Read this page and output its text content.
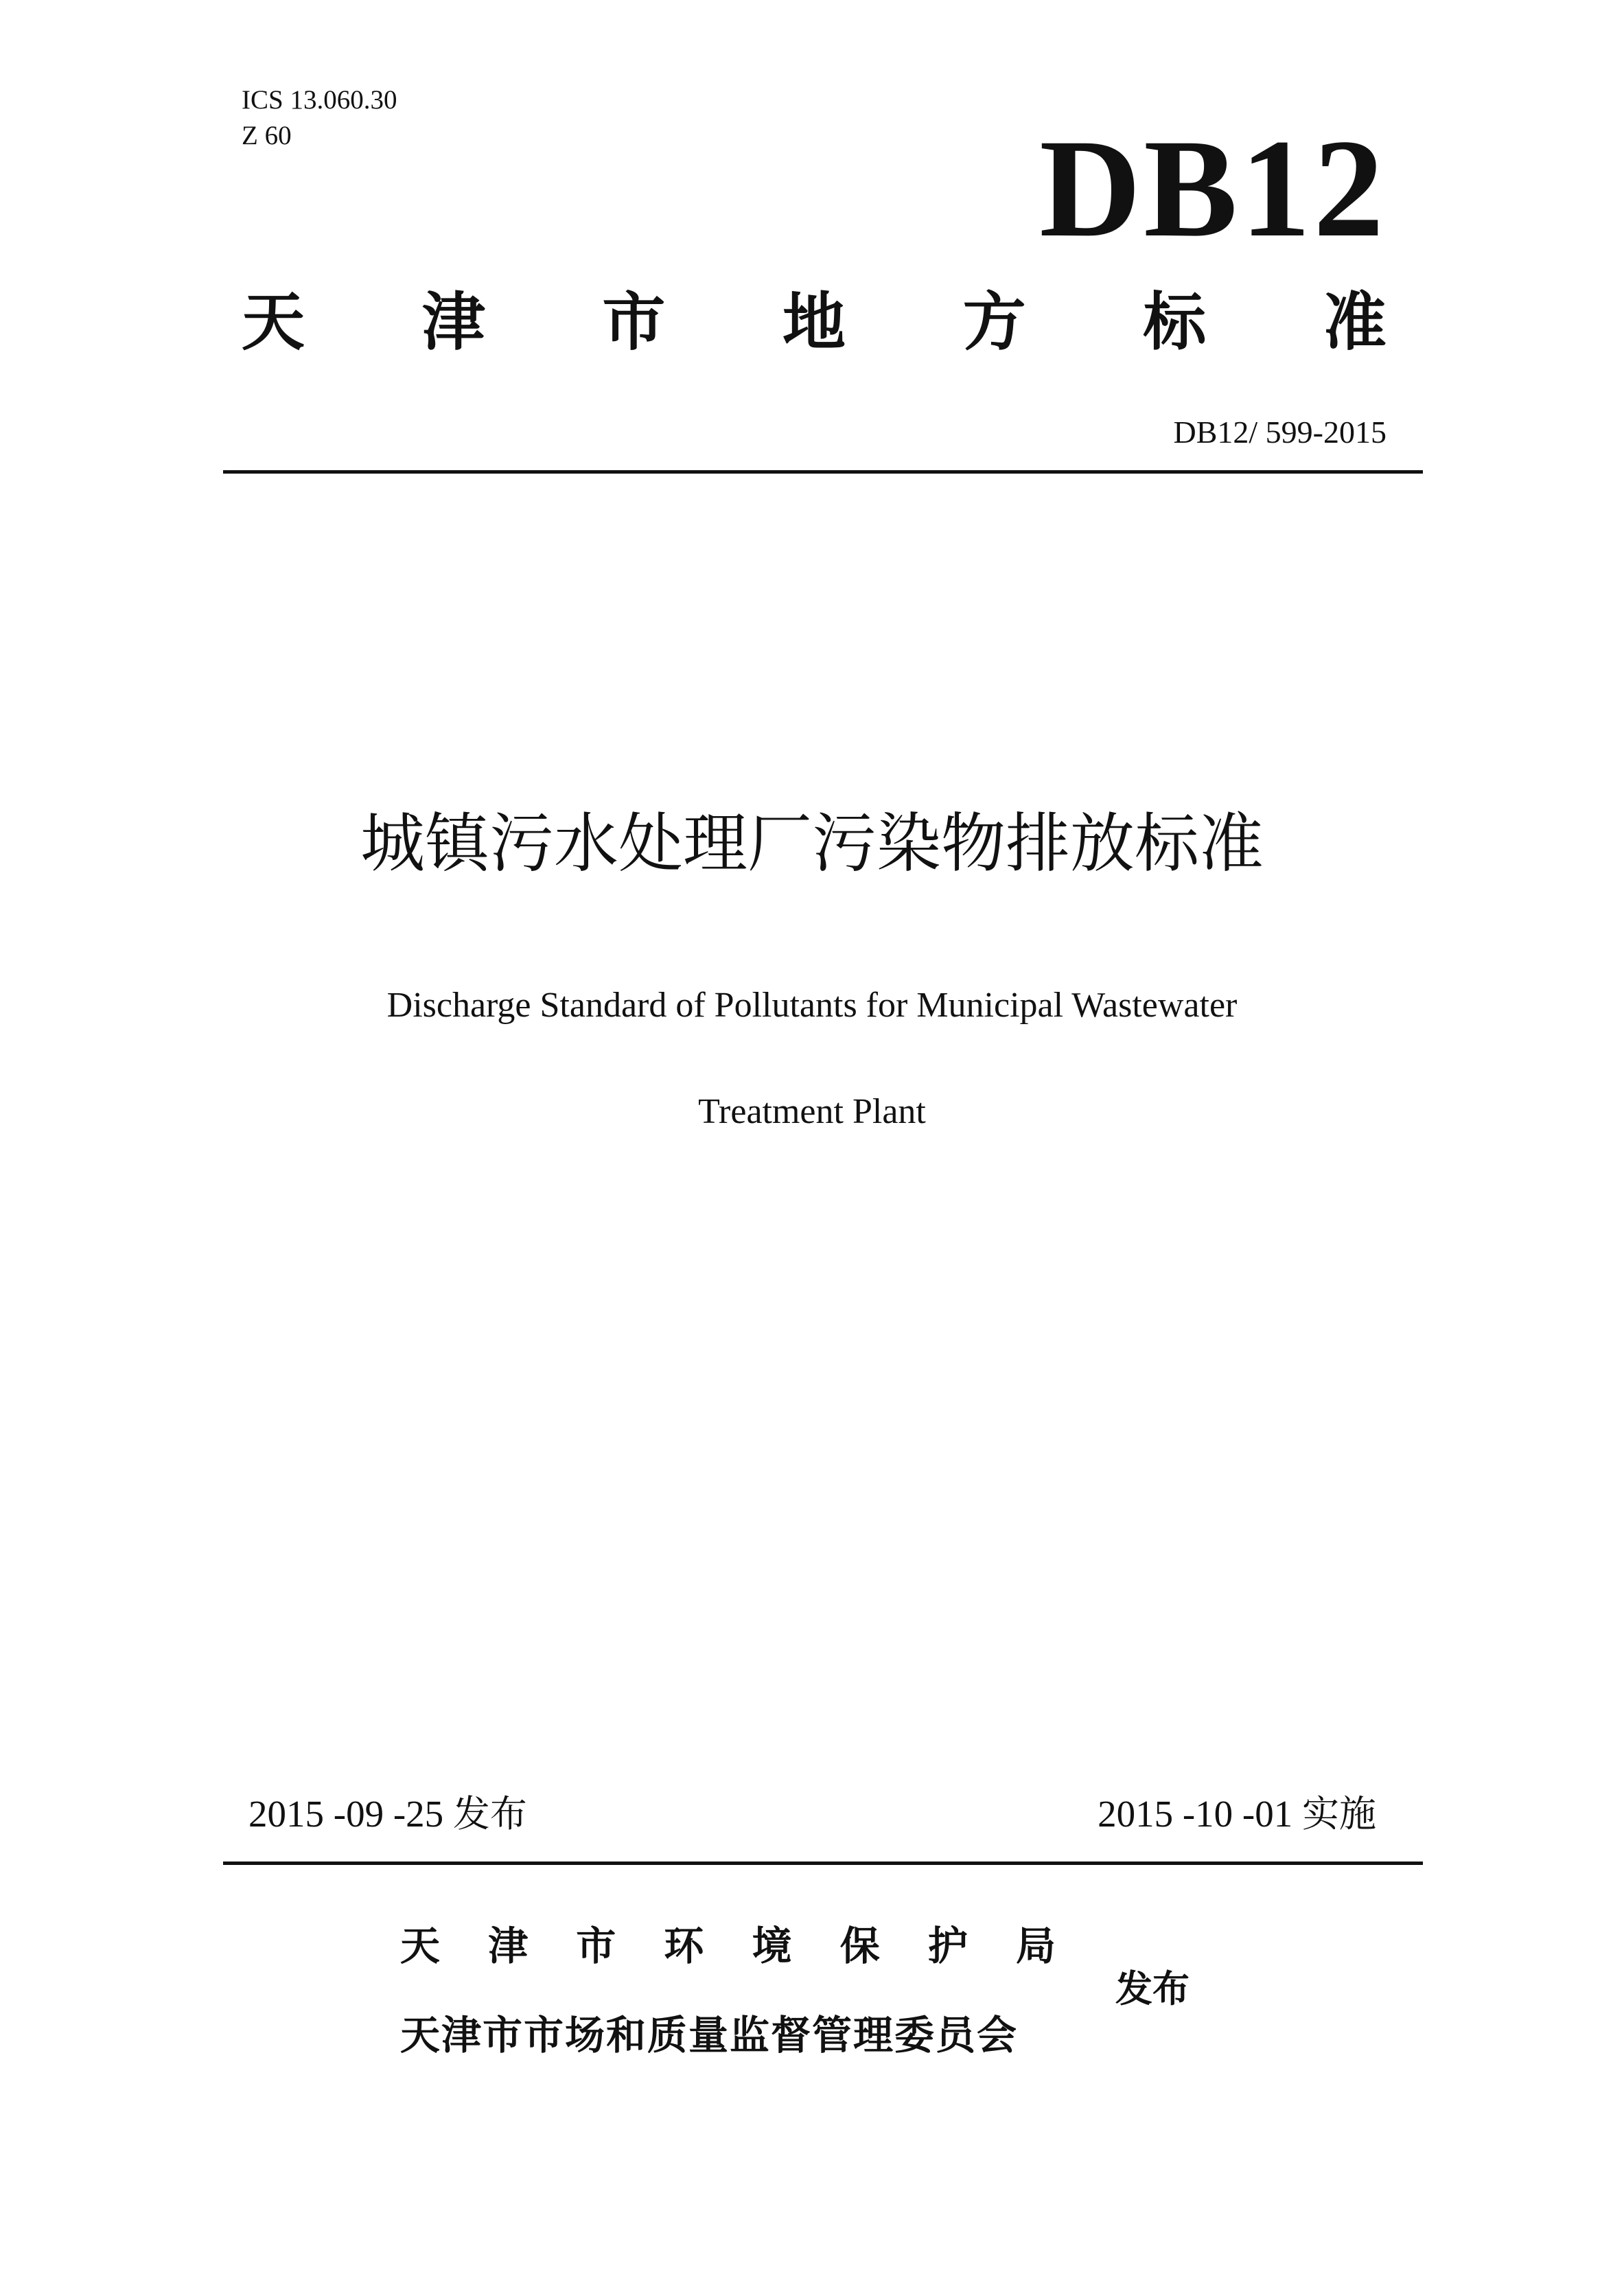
ICS 13.060.30
Z 60	DB12
天 津 市 地 方 标 准
DB12/ 599-2015
城镇污水处理厂污染物排放标准
Discharge Standard of Pollutants for Municipal Wastewater
Treatment Plant
2015 -09 -25 发布	2015 -10 -01 实施
天 津 市 环 境 保 护 局
天津市市场和质量监督管理委员会
发布
